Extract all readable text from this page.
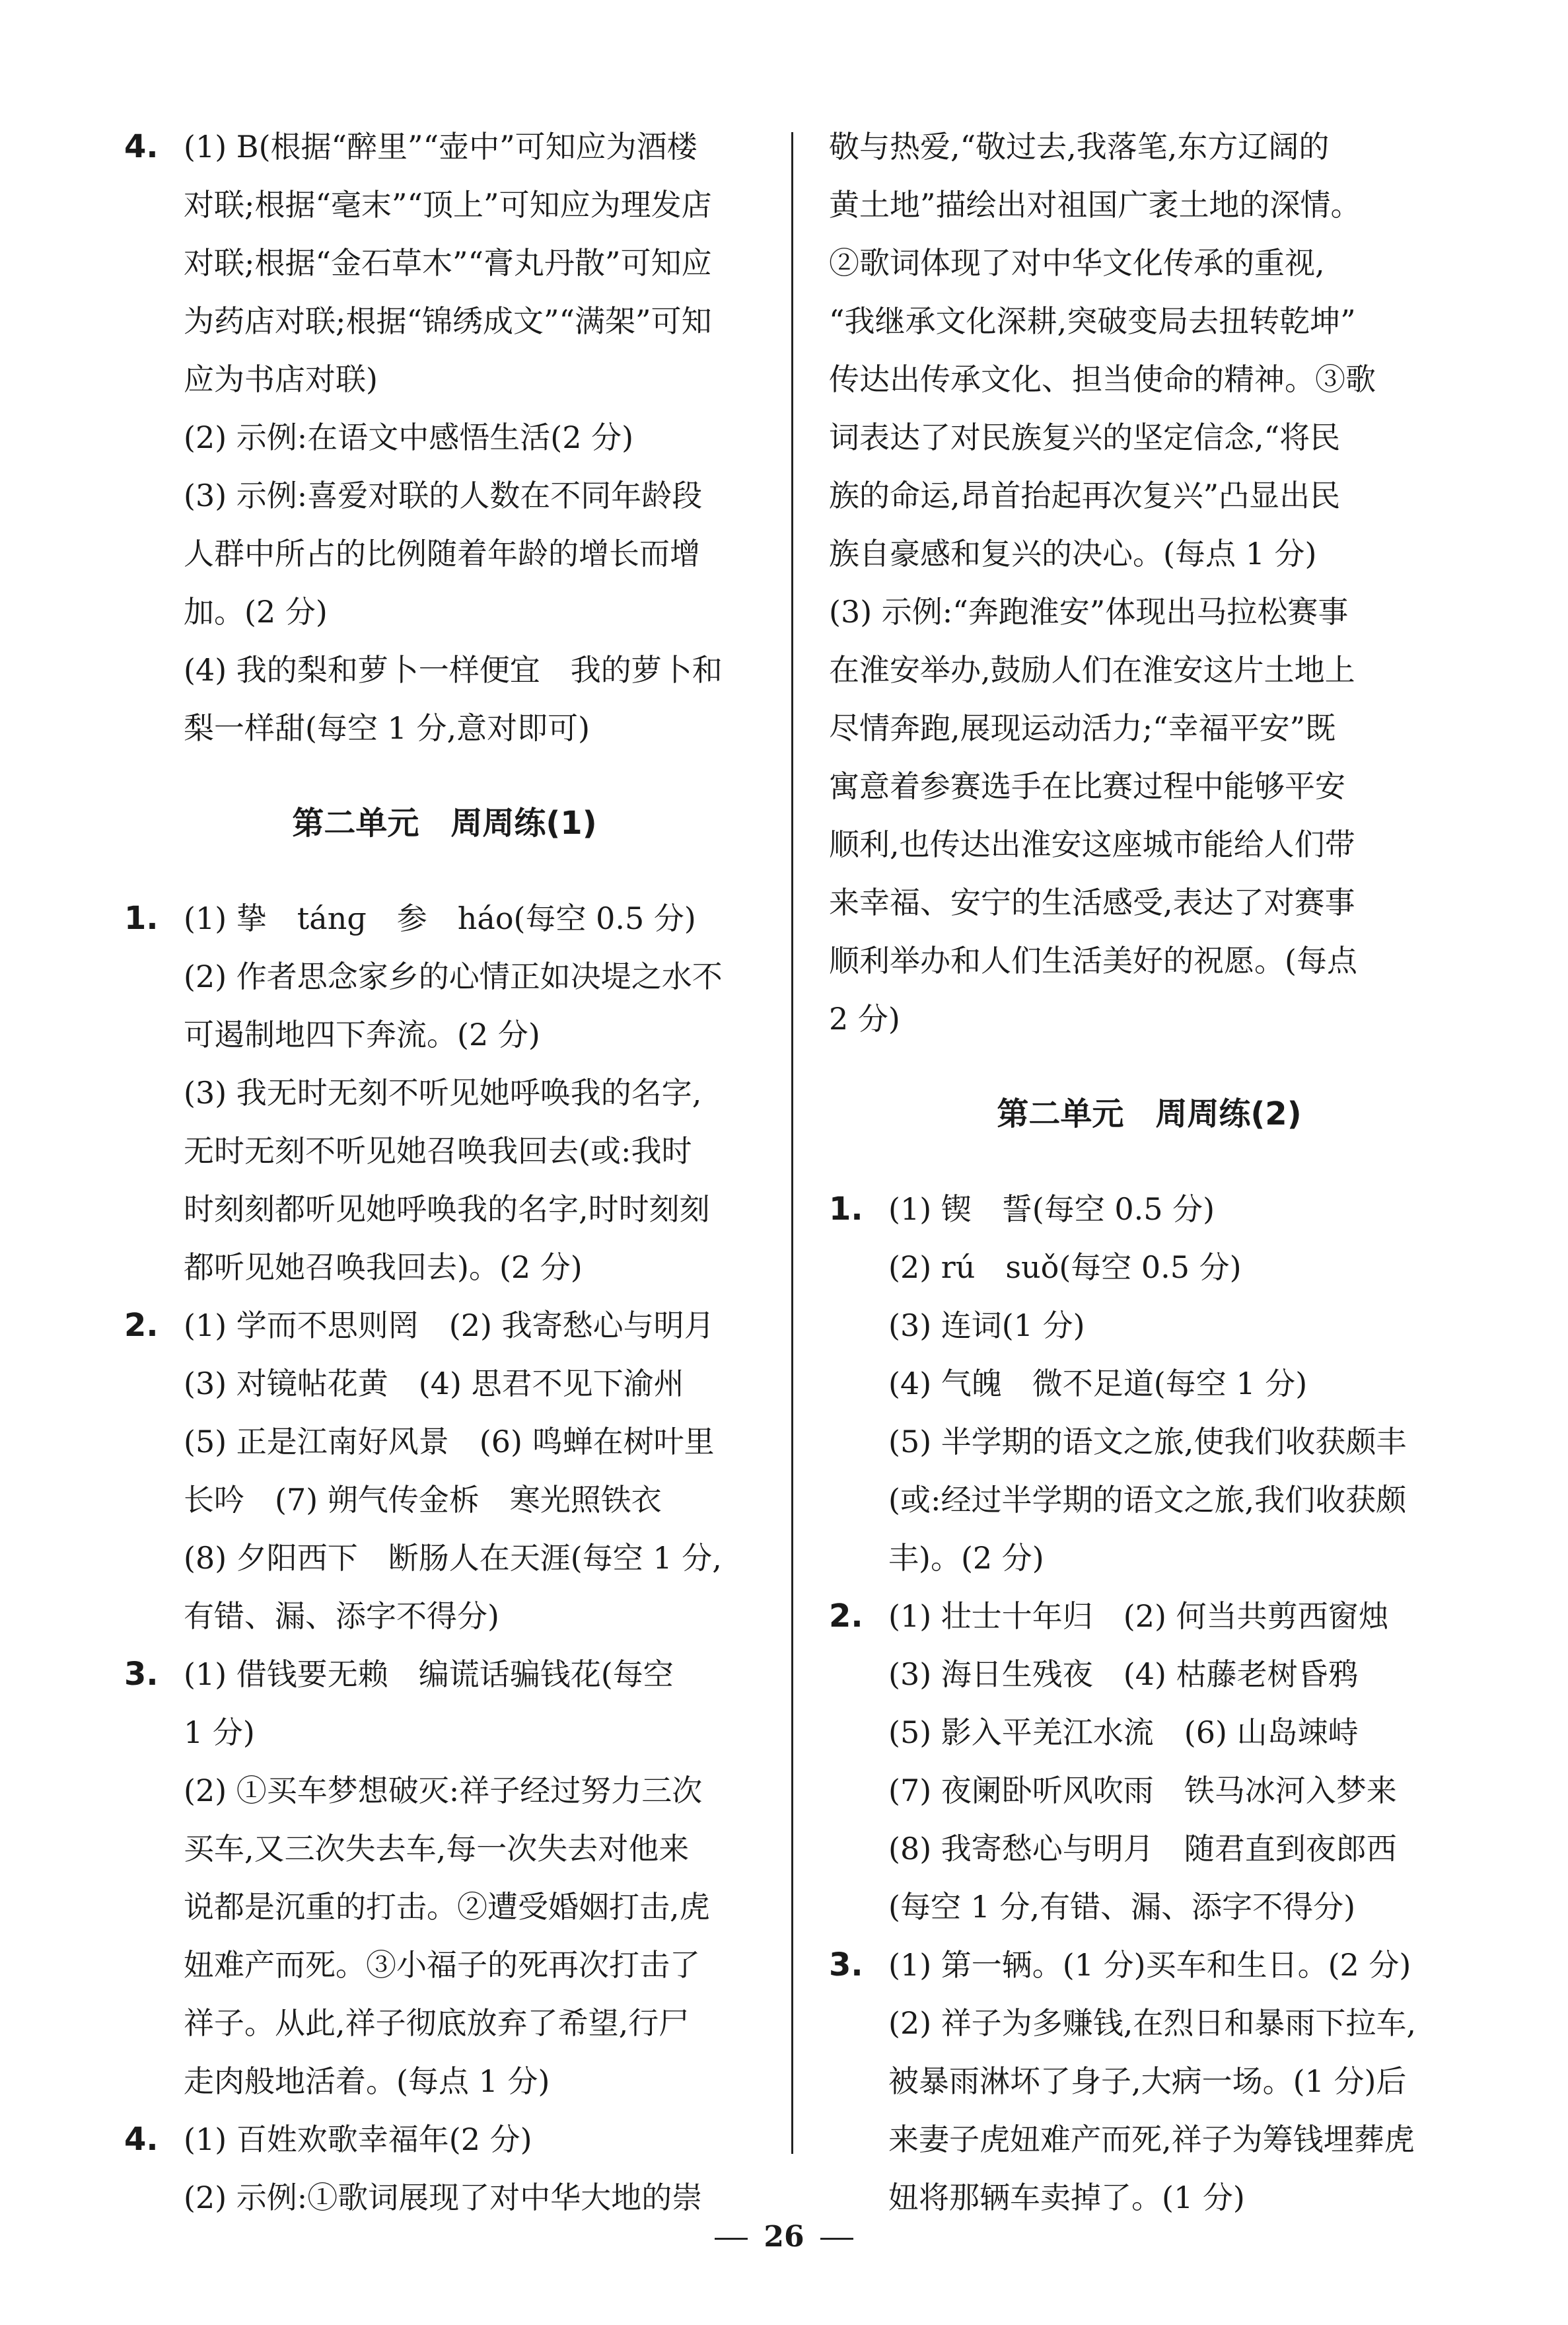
4. (1) B(根据“醉里”“壶中”可知应为酒楼
对联;根据“毫末”“顶上”可知应为理发店
对联;根据“金石草木”“膏丸丹散”可知应
为药店对联;根据“锦绣成文”“满架”可知
应为书店对联)
(2) 示例:在语文中感悟生活(2 分)
(3) 示例:喜爱对联的人数在不同年龄段
人群中所占的比例随着年龄的增长而增
加。(2 分)
(4) 我的梨和萝卜一样便宜　我的萝卜和
梨一样甜(每空 1 分,意对即可)
第二单元　周周练(1)
1. (1) 挚　tánɡ　参　háo(每空 0.5 分)
(2) 作者思念家乡的心情正如决堤之水不
可遏制地四下奔流。(2 分)
(3) 我无时无刻不听见她呼唤我的名字,
无时无刻不听见她召唤我回去(或:我时
时刻刻都听见她呼唤我的名字,时时刻刻
都听见她召唤我回去)。(2 分)
2. (1) 学而不思则罔　(2) 我寄愁心与明月
(3) 对镜帖花黄　(4) 思君不见下渝州
(5) 正是江南好风景　(6) 鸣蝉在树叶里
长吟　(7) 朔气传金柝　寒光照铁衣
(8) 夕阳西下　断肠人在天涯(每空 1 分,
有错、漏、添字不得分)
3. (1) 借钱要无赖　编谎话骗钱花(每空
1 分)
(2) ①买车梦想破灭:祥子经过努力三次
买车,又三次失去车,每一次失去对他来
说都是沉重的打击。②遭受婚姻打击,虎
妞难产而死。③小福子的死再次打击了
祥子。从此,祥子彻底放弃了希望,行尸
走肉般地活着。(每点 1 分)
4. (1) 百姓欢歌幸福年(2 分)
(2) 示例:①歌词展现了对中华大地的崇
敬与热爱,“敬过去,我落笔,东方辽阔的
黄土地”描绘出对祖国广袤土地的深情。
②歌词体现了对中华文化传承的重视,
“我继承文化深耕,突破变局去扭转乾坤”
传达出传承文化、担当使命的精神。③歌
词表达了对民族复兴的坚定信念,“将民
族的命运,昂首抬起再次复兴”凸显出民
族自豪感和复兴的决心。(每点 1 分)
(3) 示例:“奔跑淮安”体现出马拉松赛事
在淮安举办,鼓励人们在淮安这片土地上
尽情奔跑,展现运动活力;“幸福平安”既
寓意着参赛选手在比赛过程中能够平安
顺利,也传达出淮安这座城市能给人们带
来幸福、安宁的生活感受,表达了对赛事
顺利举办和人们生活美好的祝愿。(每点
2 分)
第二单元　周周练(2)
1. (1) 锲　誓(每空 0.5 分)
(2) rú　suǒ(每空 0.5 分)
(3) 连词(1 分)
(4) 气魄　微不足道(每空 1 分)
(5) 半学期的语文之旅,使我们收获颇丰
(或:经过半学期的语文之旅,我们收获颇
丰)。(2 分)
2. (1) 壮士十年归　(2) 何当共剪西窗烛
(3) 海日生残夜　(4) 枯藤老树昏鸦
(5) 影入平羌江水流　(6) 山岛竦峙
(7) 夜阑卧听风吹雨　铁马冰河入梦来
(8) 我寄愁心与明月　随君直到夜郎西
(每空 1 分,有错、漏、添字不得分)
3. (1) 第一辆。(1 分)买车和生日。(2 分)
(2) 祥子为多赚钱,在烈日和暴雨下拉车,
被暴雨淋坏了身子,大病一场。(1 分)后
来妻子虎妞难产而死,祥子为筹钱埋葬虎
妞将那辆车卖掉了。(1 分)
26
